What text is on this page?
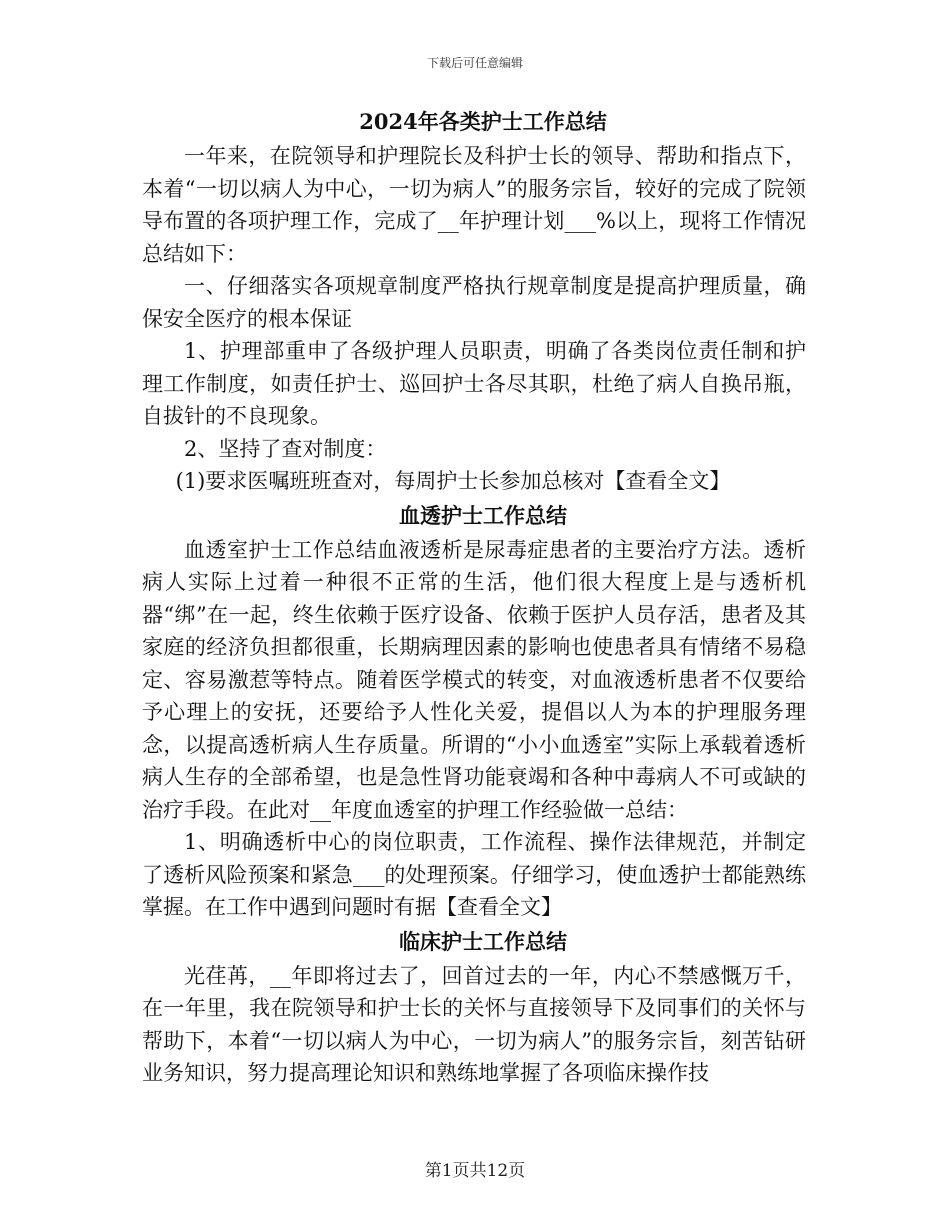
下载后可任意编辑
2024年各类护士工作总结

一年来，在院领导和护理院长及科护士长的领导、帮助和指点下，本着“一切以病人为中心，一切为病人”的服务宗旨，较好的完成了院领导布置的各项护理工作，完成了__年护理计划___%以上，现将工作情况总结如下：

一、仔细落实各项规章制度严格执行规章制度是提高护理质量，确保安全医疗的根本保证

1、护理部重申了各级护理人员职责，明确了各类岗位责任制和护理工作制度，如责任护士、巡回护士各尽其职，杜绝了病人自换吊瓶，自拔针的不良现象。

2、坚持了查对制度：

(1)要求医嘱班班查对，每周护士长参加总核对【查看全文】

血透护士工作总结

血透室护士工作总结血液透析是尿毒症患者的主要治疗方法。透析病人实际上过着一种很不正常的生活，他们很大程度上是与透析机器“绑”在一起，终生依赖于医疗设备、依赖于医护人员存活，患者及其家庭的经济负担都很重，长期病理因素的影响也使患者具有情绪不易稳定、容易激惹等特点。随着医学模式的转变，对血液透析患者不仅要给予心理上的安抚，还要给予人性化关爱，提倡以人为本的护理服务理念，以提高透析病人生存质量。所谓的“小小血透室”实际上承载着透析病人生存的全部希望，也是急性肾功能衰竭和各种中毒病人不可或缺的治疗手段。在此对__年度血透室的护理工作经验做一总结：

1、明确透析中心的岗位职责，工作流程、操作法律规范，并制定了透析风险预案和紧急___的处理预案。仔细学习，使血透护士都能熟练掌握。在工作中遇到问题时有据【查看全文】

临床护士工作总结

光荏苒，__年即将过去了，回首过去的一年，内心不禁感慨万千，在一年里，我在院领导和护士长的关怀与直接领导下及同事们的关怀与帮助下，本着“一切以病人为中心，一切为病人”的服务宗旨，刻苦钻研业务知识，努力提高理论知识和熟练地掌握了各项临床操作技

第1页共12页
